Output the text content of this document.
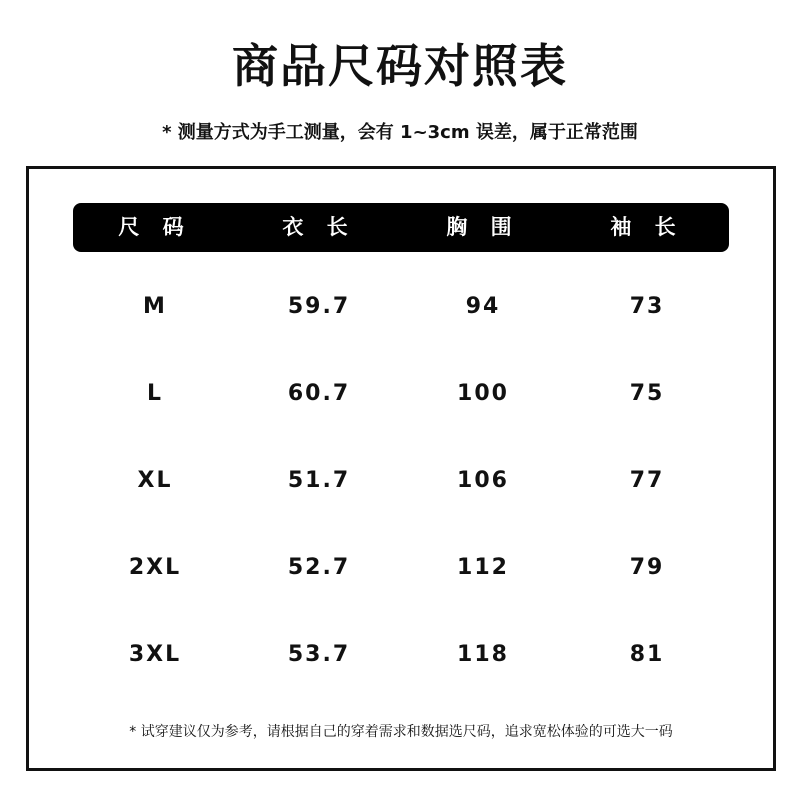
商品尺码对照表
* 测量方式为手工测量，会有 1~3cm 误差，属于正常范围
尺 码	衣 长	胸 围	袖 长
M	59.7	94	73
L	60.7	100	75
XL	51.7	106	77
2XL	52.7	112	79
3XL	53.7	118	81
* 试穿建议仅为参考，请根据自己的穿着需求和数据选尺码，追求宽松体验的可选大一码
